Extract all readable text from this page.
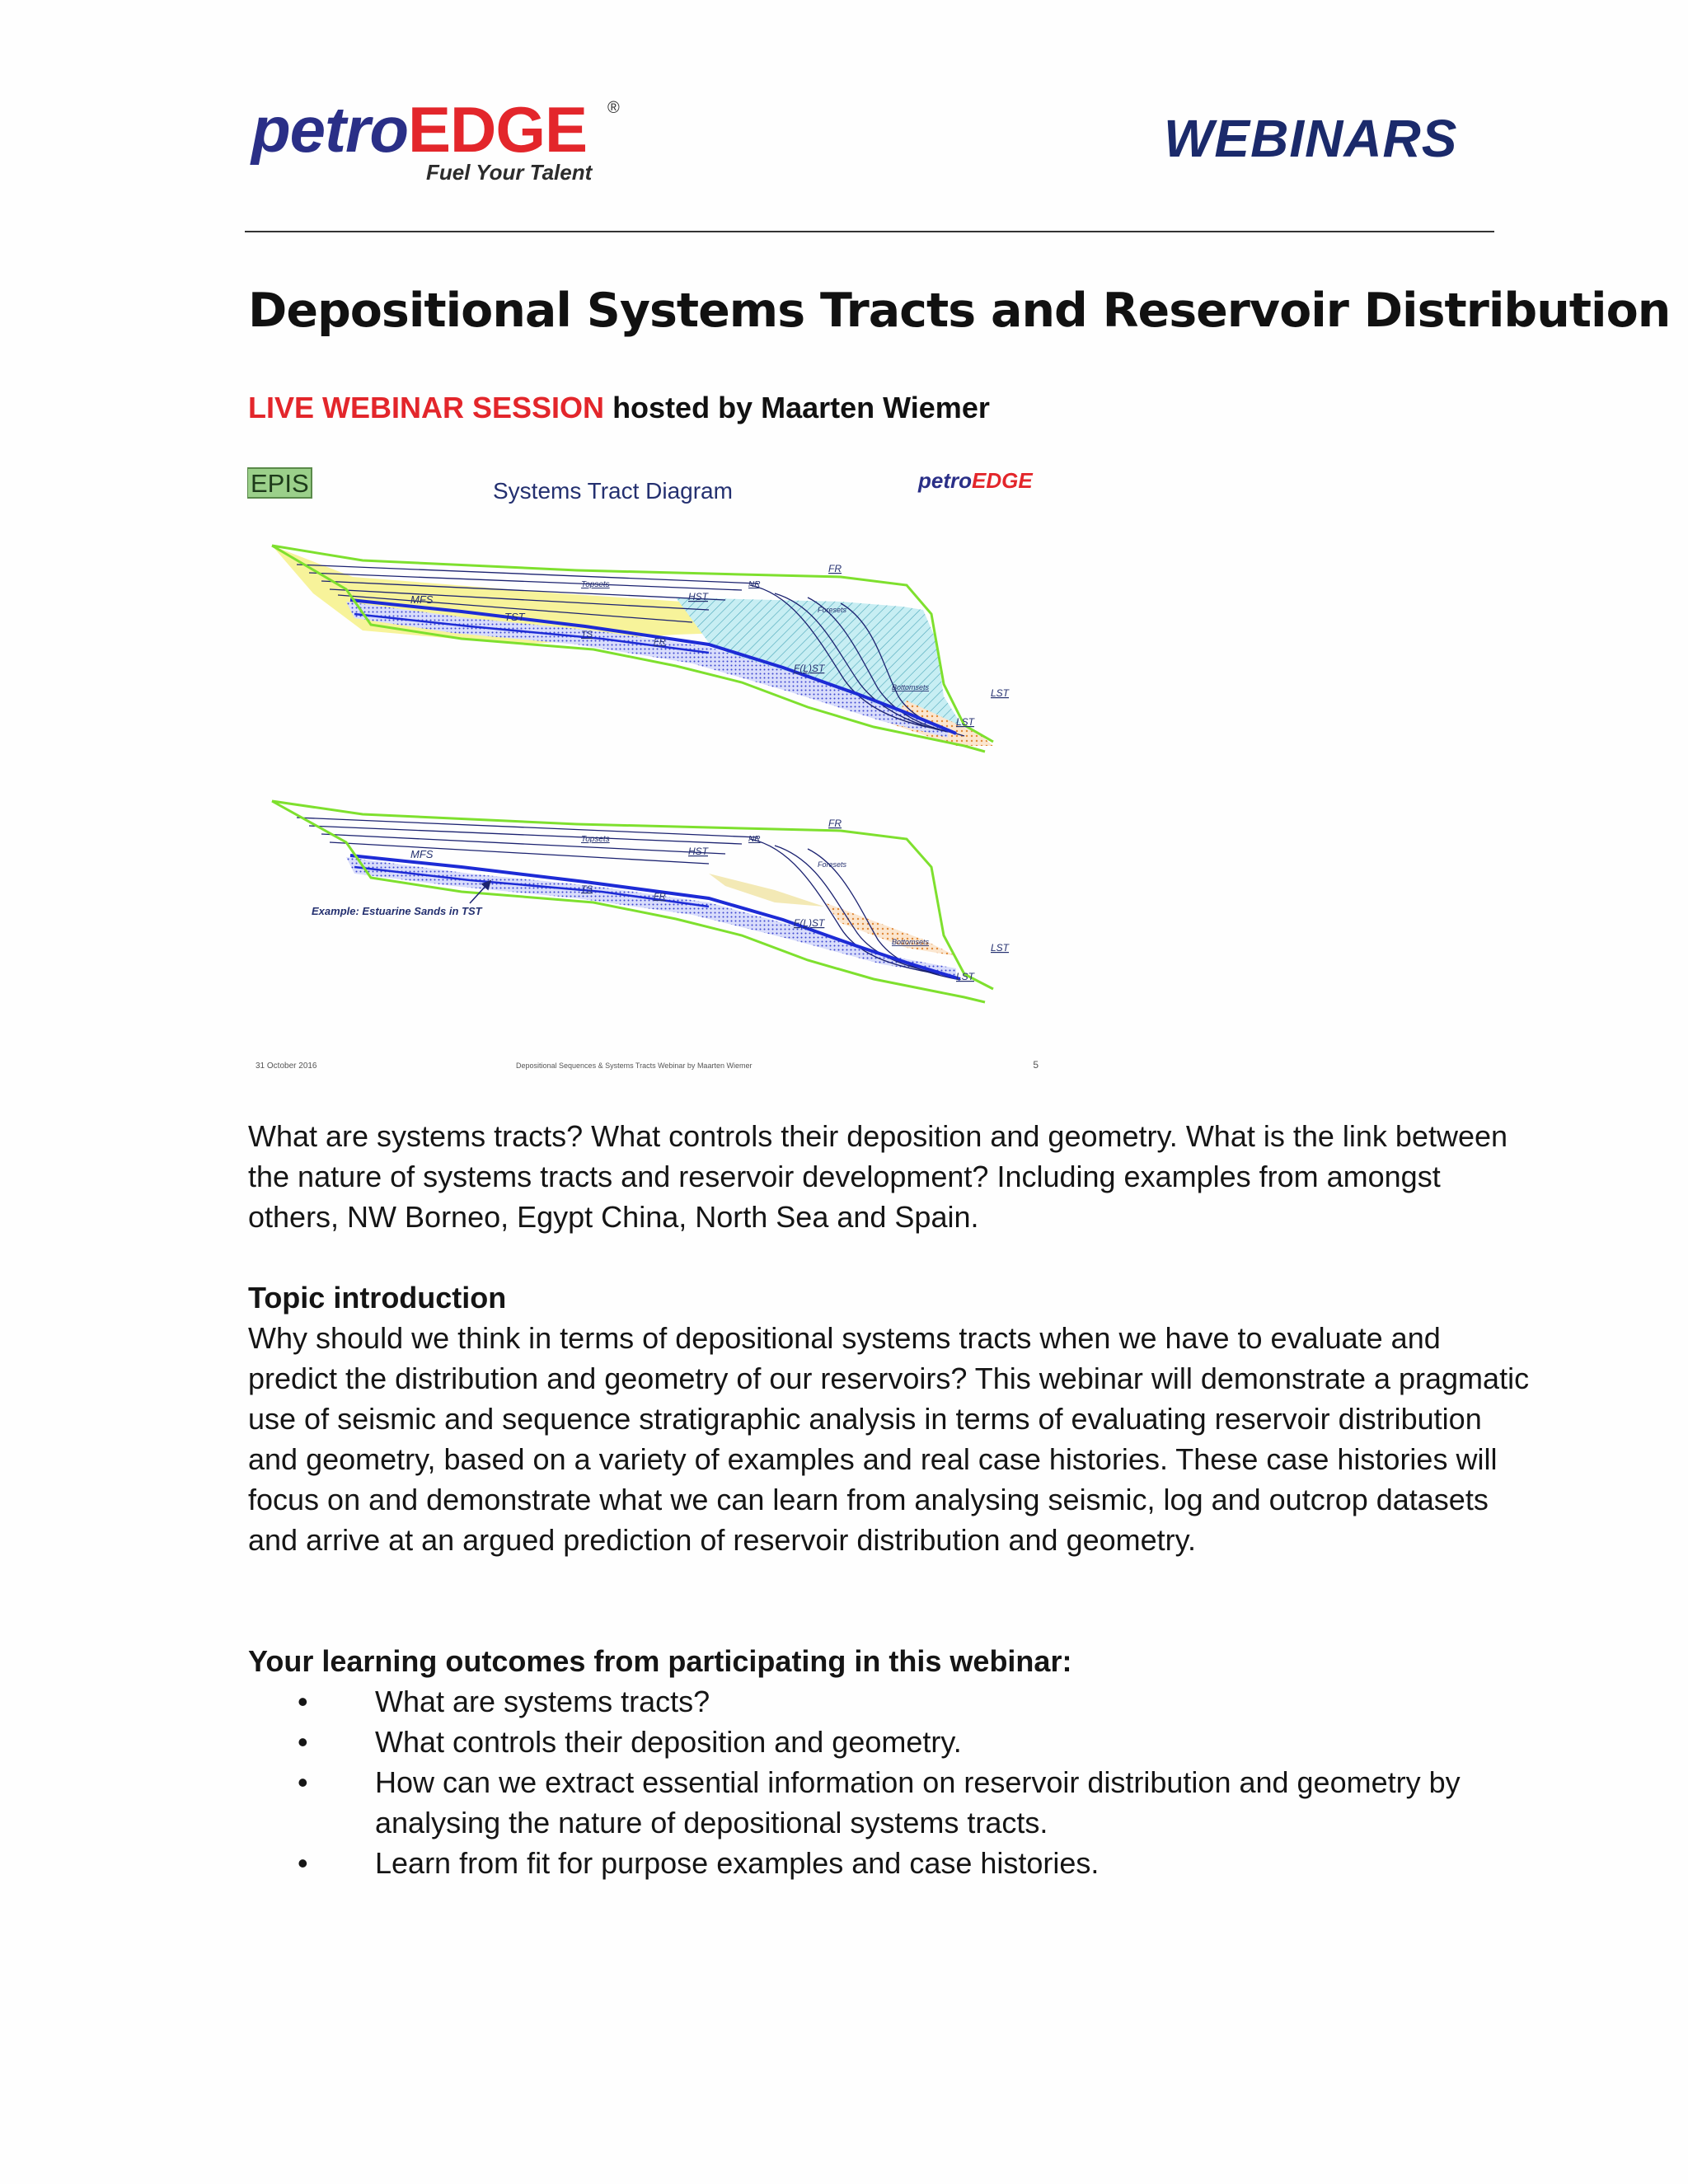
petroEDGE ®
Fuel Your Talent
WEBINARS
Depositional Systems Tracts and Reservoir Distribution
LIVE WEBINAR SESSION hosted by Maarten Wiemer
EPIS	Systems Tract Diagram	petroEDGE
FR
Topsets	NR
MFS	HST
Foresets
TST
TS
FR
F(L)ST
Bottomsets	LST
LST
FR
Topsets	NR
MFS	HST
Foresets
TS
FR
F(L)ST
Bottomsets	LST
LST
Example: Estuarine Sands in TST
31 October 2016	Depositional Sequences & Systems Tracts Webinar by Maarten Wiemer	5

What are systems tracts? What controls their deposition and geometry. What is the link between the nature of systems tracts and reservoir development? Including examples from amongst others, NW Borneo, Egypt China, North Sea and Spain.

Topic introduction

Why should we think in terms of depositional systems tracts when we have to evaluate and predict the distribution and geometry of our reservoirs? This webinar will demonstrate a pragmatic use of seismic and sequence stratigraphic analysis in terms of evaluating reservoir distribution and geometry, based on a variety of examples and real case histories. These case histories will focus on and demonstrate what we can learn from analysing seismic, log and outcrop datasets and arrive at an argued prediction of reservoir distribution and geometry.

Your learning outcomes from participating in this webinar:
• What are systems tracts?
• What controls their deposition and geometry.
• How can we extract essential information on reservoir distribution and geometry by analysing the nature of depositional systems tracts.
• Learn from fit for purpose examples and case histories.
